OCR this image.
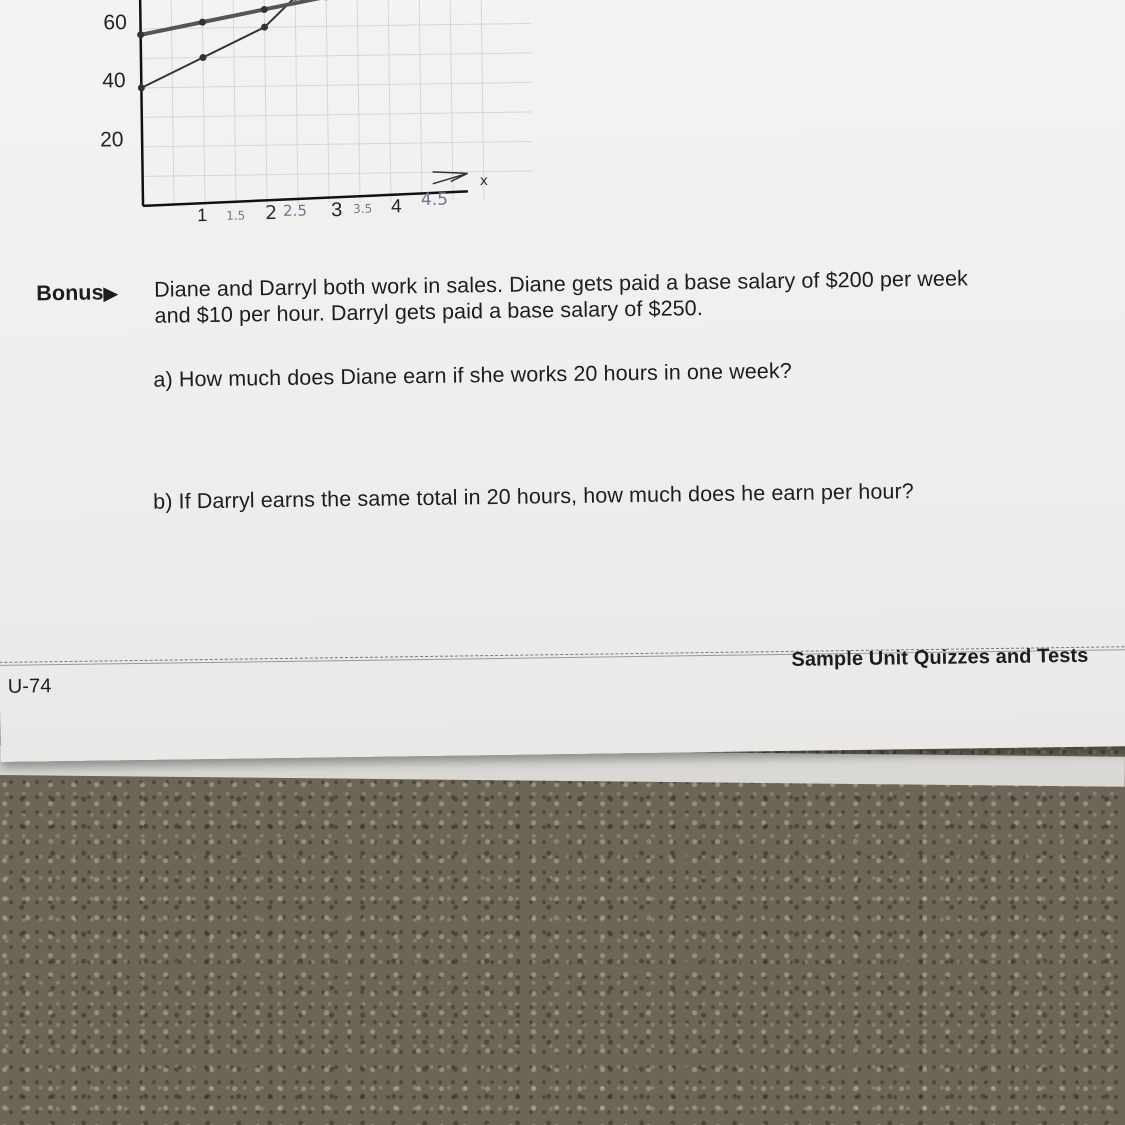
60
40
20
1 1.5 2 2.5 3 3.5 4 4.5
x
Bonus▶ Diane and Darryl both work in sales. Diane gets paid a base salary of $200 per week
and $10 per hour. Darryl gets paid a base salary of $250.
a) How much does Diane earn if she works 20 hours in one week?
b) If Darryl earns the same total in 20 hours, how much does he earn per hour?
Sample Unit Quizzes and Tests
U-74
